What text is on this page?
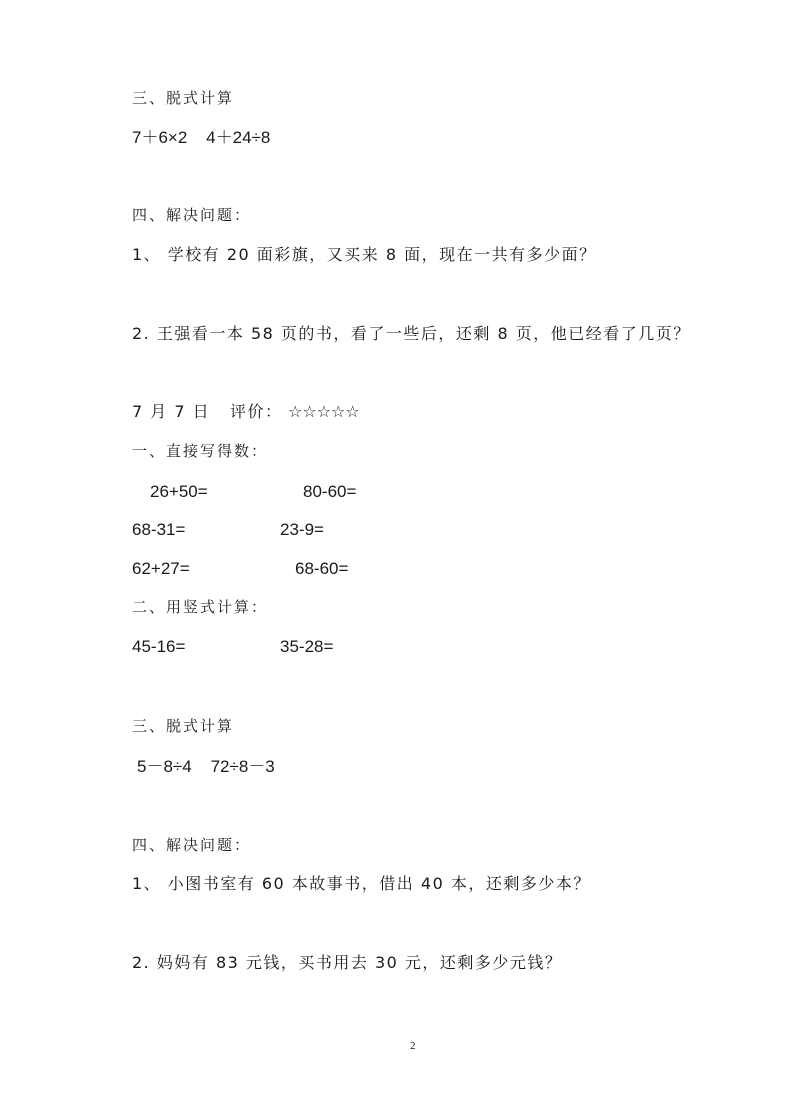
三、脱式计算
7＋6×2    4＋24÷8
四、解决问题：
1、 学校有 20 面彩旗，又买来 8 面，现在一共有多少面？
2. 王强看一本 58 页的书，看了一些后，还剩 8 页，他已经看了几页？
7 月 7 日 评价： ☆☆☆☆☆
一、直接写得数：
26+50=	80-60=
68-31=	23-9=
62+27=	68-60=
二、用竖式计算：
45-16=	35-28=
三、脱式计算
5－8÷4    72÷8－3
四、解决问题：
1、 小图书室有 60 本故事书，借出 40 本，还剩多少本？
2. 妈妈有 83 元钱，买书用去 30 元，还剩多少元钱？
2
